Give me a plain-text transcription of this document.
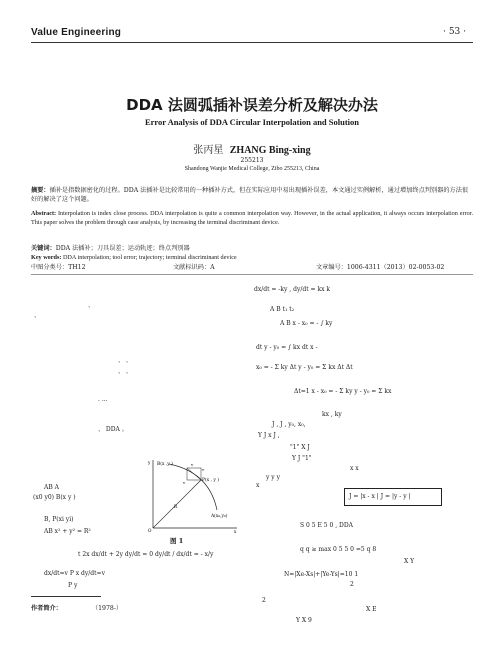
Value Engineering	· 53 ·
DDA 法圆弧插补误差分析及解决办法
Error Analysis of DDA Circular Interpolation and Solution
张丙星 ZHANG Bing-xing
255213
Shandong Wanjie Medical College, Zibo 255213, China
摘要：插补是指数据密化的过程。DDA 法插补是比较常用的一种插补方式，但在实际应用中易出现插补误差，本文通过实例解析，通过增加终点判别器的方法很好的解决了这个问题。
Abstract: Interpolation is index close process. DDA interpolation is quite a common interpolation way. However, in the actual application, it always occurs interpolation error. This paper solves the problem through case analysis, by increasing the terminal discriminant device.
关键词：DDA 法插补；刀具误差；运动轨迹；终点判别器
Key words: DDA interpolation; tool error; trajectory; terminal discriminant device
中图分类号：TH12	文献标识码：A	文章编号：1006-4311（2013）02-0053-02
、
、
、 、
、 、
· ···
、 DDA 。
AB A
(x0 y0) B(x y )
B, P(xi yi)
AB x² + y² = R²
t 2x dx/dt + 2y dy/dt = 0 dy/dt / dx/dt = - x/y
dx/dt=v P x dy/dt=v
P y
B(x ,y )
P(x , y )
A(x₀,y₀)
v
v
v
R
O
y
x
图 1
dx/dt = -ky , dy/dt = kx k
A B t₁ t₂
A B x - x₀ = - ∫ ky
dt y - y₀ = ∫ kx dt x -
x₀ = - Σ ky Δt y - y₀ = Σ kx Δt Δt
Δt=1 x - x₀ = - Σ ky y - y₀ = Σ kx
kx , ky
J , J , y₀, x₀,
Y J x J ,
"1" X J
Y J "1"
x x
y y y
x
J = |x - x | J = |y - y |
S 0 5 E 5 0 , DDA
q q ≥ max 0 5 5 0 =5 q 8
X Y
N=|Xe-Xs|+|Ye-Ys|=10 1
2
2
X E
Y X 9
作者简介：	（1978-）
